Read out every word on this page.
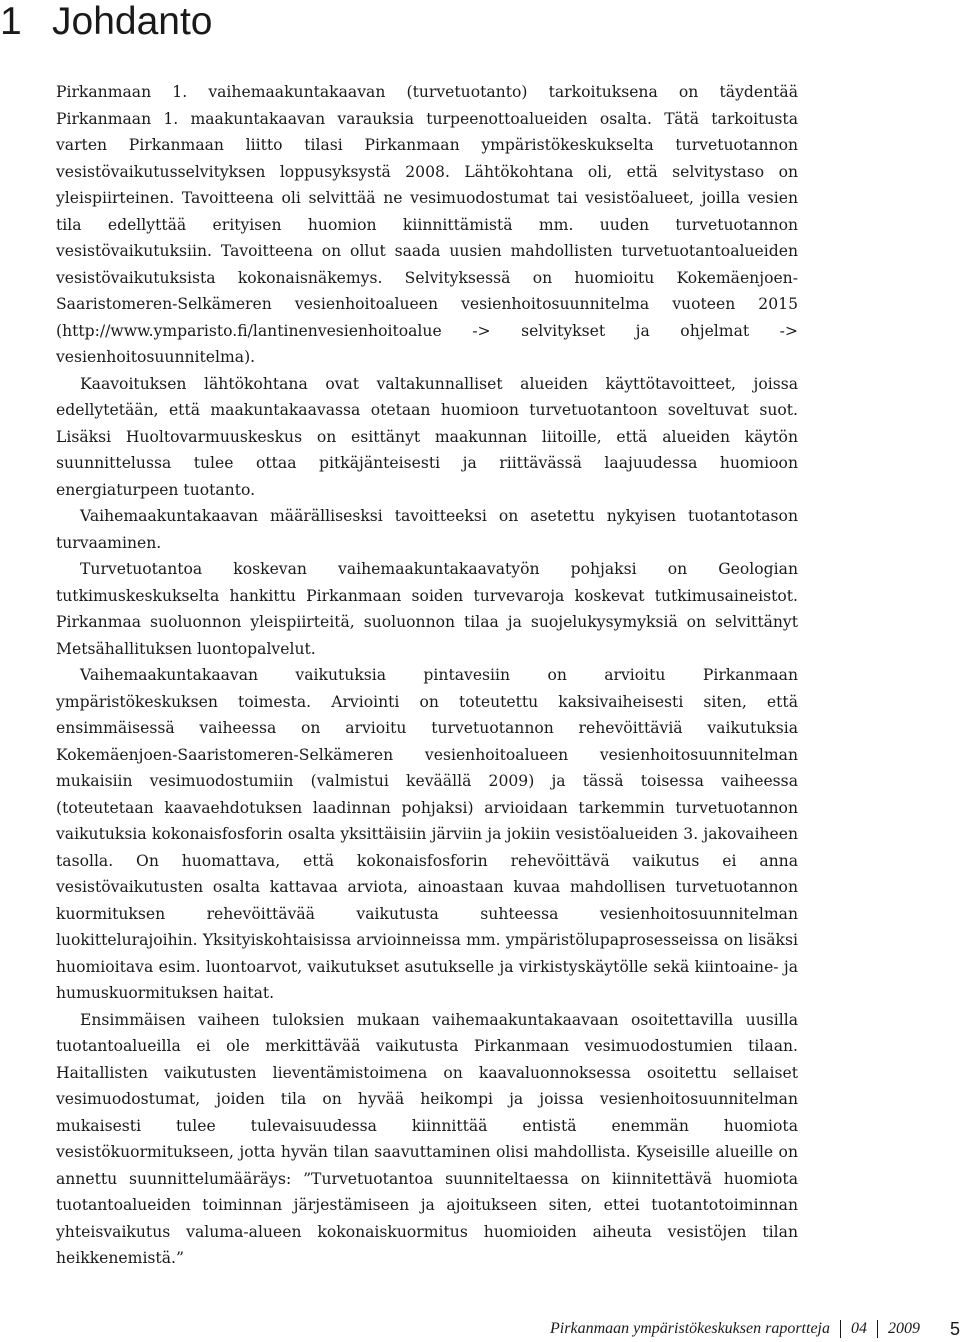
1 Johdanto

Pirkanmaan 1. vaihemaakuntakaavan (turvetuotanto) tarkoituksena on täydentää Pirkanmaan 1. maakuntakaavan varauksia turpeenottoalueiden osalta. Tätä tarkoitusta varten Pirkanmaan liitto tilasi Pirkanmaan ympäristökeskukselta turvetuotannon vesistövaikutusselvityksen loppusyksystä 2008. Lähtökohtana oli, että selvitystaso on yleispiirteinen. Tavoitteena oli selvittää ne vesimuodostumat tai vesistöalueet, joilla vesien tila edellyttää erityisen huomion kiinnittämistä mm. uuden turvetuotannon vesistövaikutuksiin. Tavoitteena on ollut saada uusien mahdollisten turvetuotantoalueiden vesistövaikutuksista kokonaisnäkemys. Selvityksessä on huomioitu Kokemäenjoen-Saaristomeren-Selkämeren vesienhoitoalueen vesienhoitosuunnitelma vuoteen 2015 (http://www.ymparisto.fi/lantinenvesienhoitoalue -> selvitykset ja ohjelmat -> vesienhoitosuunnitelma).

Kaavoituksen lähtökohtana ovat valtakunnalliset alueiden käyttötavoitteet, joissa edellytetään, että maakuntakaavassa otetaan huomioon turvetuotantoon soveltuvat suot. Lisäksi Huoltovarmuuskeskus on esittänyt maakunnan liitoille, että alueiden käytön suunnittelussa tulee ottaa pitkäjänteisesti ja riittävässä laajuudessa huomioon energiaturpeen tuotanto.

Vaihemaakuntakaavan määrällisesksi tavoitteeksi on asetettu nykyisen tuotantotason turvaaminen.

Turvetuotantoa koskevan vaihemaakuntakaavatyön pohjaksi on Geologian tutkimuskeskukselta hankittu Pirkanmaan soiden turvevaroja koskevat tutkimusaineistot. Pirkanmaa suoluonnon yleispiirteitä, suoluonnon tilaa ja suojelukysymyksiä on selvittänyt Metsähallituksen luontopalvelut.

Vaihemaakuntakaavan vaikutuksia pintavesiin on arvioitu Pirkanmaan ympäristökeskuksen toimesta. Arviointi on toteutettu kaksivaiheisesti siten, että ensimmäisessä vaiheessa on arvioitu turvetuotannon rehevöittäviä vaikutuksia Kokemäenjoen-Saaristomeren-Selkämeren vesienhoitoalueen vesienhoitosuunnitelman mukaisiin vesimuodostumiin (valmistui keväällä 2009) ja tässä toisessa vaiheessa (toteutetaan kaavaehdotuksen laadinnan pohjaksi) arvioidaan tarkemmin turvetuotannon vaikutuksia kokonaisfosforin osalta yksittäisiin järviin ja jokiin vesistöalueiden 3. jakovaiheen tasolla. On huomattava, että kokonaisfosforin rehevöittävä vaikutus ei anna vesistövaikutusten osalta kattavaa arviota, ainoastaan kuvaa mahdollisen turvetuotannon kuormituksen rehevöittävää vaikutusta suhteessa vesienhoitosuunnitelman luokittelurajoihin. Yksityiskohtaisissa arvioinneissa mm. ympäristölupaprosesseissa on lisäksi huomioitava esim. luontoarvot, vaikutukset asutukselle ja virkistyskäytölle sekä kiintoaine- ja humuskuormituksen haitat.

Ensimmäisen vaiheen tuloksien mukaan vaihemaakuntakaavaan osoitettavilla uusilla tuotantoalueilla ei ole merkittävää vaikutusta Pirkanmaan vesimuodostumien tilaan. Haitallisten vaikutusten lieventämistoimena on kaavaluonnoksessa osoitettu sellaiset vesimuodostumat, joiden tila on hyvää heikompi ja joissa vesienhoitosuunnitelman mukaisesti tulee tulevaisuudessa kiinnittää entistä enemmän huomiota vesistökuormitukseen, jotta hyvän tilan saavuttaminen olisi mahdollista. Kyseisille alueille on annettu suunnittelumääräys: ”Turvetuotantoa suunniteltaessa on kiinnitettävä huomiota tuotantoalueiden toiminnan järjestämiseen ja ajoitukseen siten, ettei tuotantotoiminnan yhteisvaikutus valuma-alueen kokonaiskuormitus huomioiden aiheuta vesistöjen tilan heikkenemistä.”

Pirkanmaan ympäristökeskuksen raportteja 04 2009 5
